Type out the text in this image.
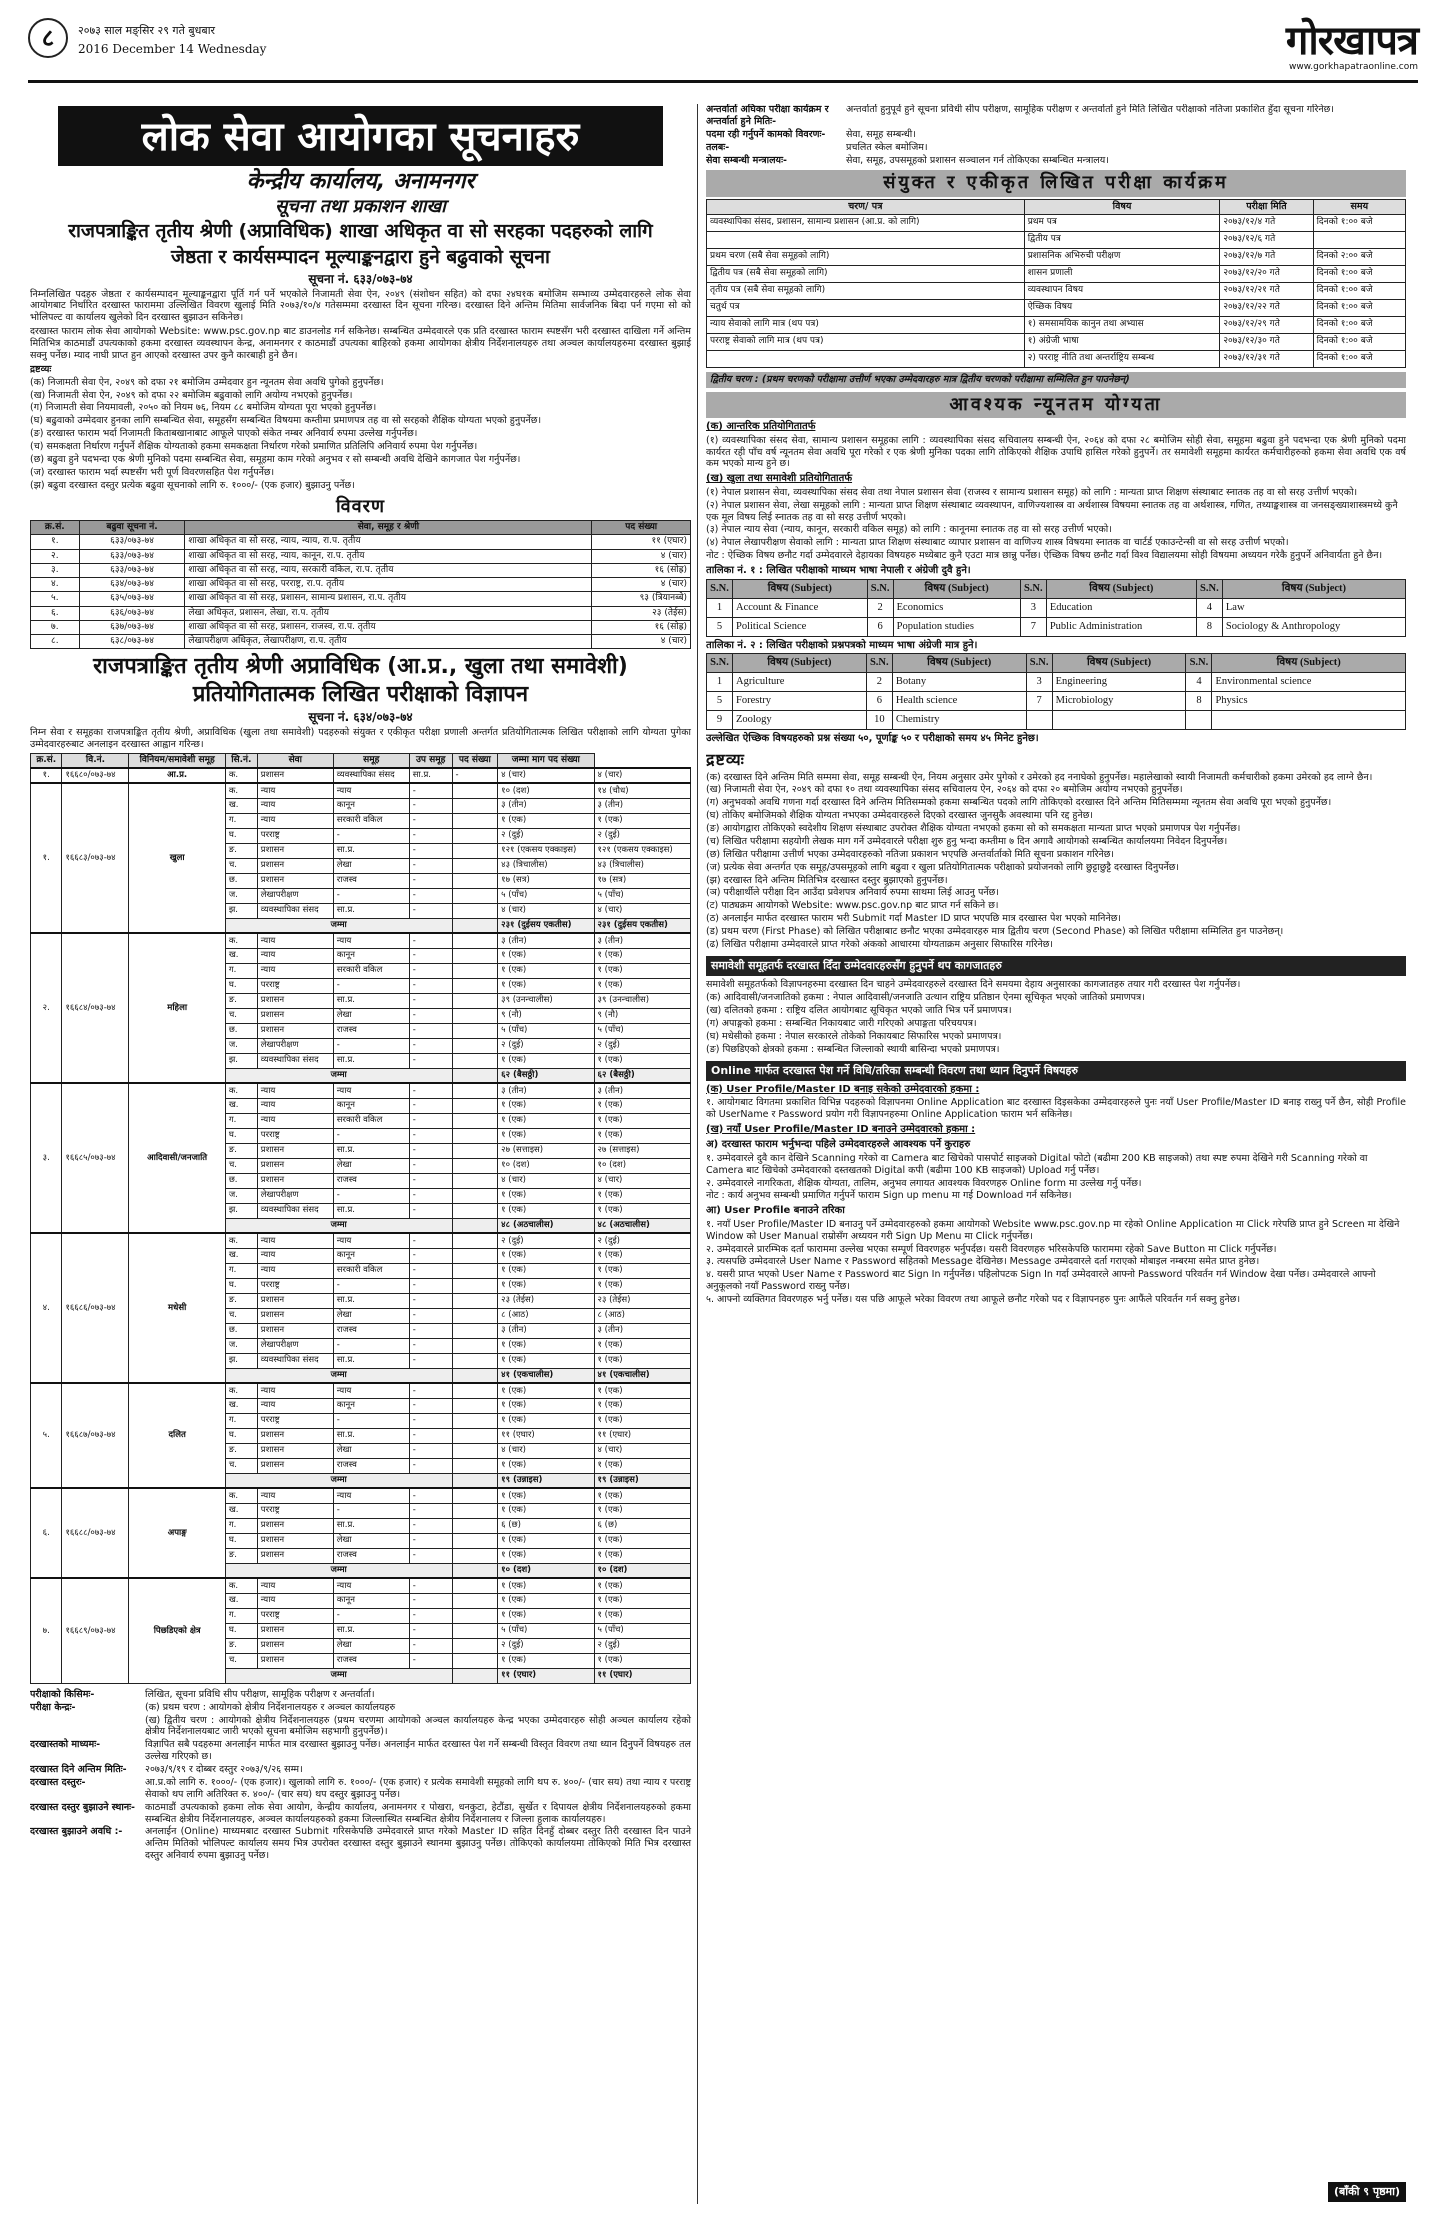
८	२०७३ साल मङ्सिर २९ गते बुधबार
2016 December 14 Wednesday	गोरखापत्र
www.gorkhapatraonline.com
लोक सेवा आयोगका सूचनाहरु
केन्द्रीय कार्यालय, अनामनगर
सूचना तथा प्रकाशन शाखा
राजपत्राङ्कित तृतीय श्रेणी (अप्राविधिक) शाखा अधिकृत वा सो सरहका पदहरुको लागि
जेष्ठता र कार्यसम्पादन मूल्याङ्कनद्वारा हुने बढुवाको सूचना
सूचना नं. ६३३/०७३-७४

निम्नलिखित पदहरु जेष्ठता र कार्यसम्पादन मूल्याङ्कनद्वारा पूर्ति गर्न पर्ने भएकोले निजामती सेवा ऐन, २०४९ (संशोधन सहित) को दफा २४घ१क बमोजिम सम्भाव्य उम्मेदवारहरुले लोक सेवा आयोगबाट निर्धारित दरखास्त फाराममा उल्लिखित विवरण खुलाई मिति २०७३/१०/४ गतेसम्ममा दरखास्त दिन सूचना गरिन्छ। दरखास्त दिने अन्तिम मितिमा सार्वजनिक बिदा पर्न गएमा सो को भोलिपल्ट वा कार्यालय खुलेको दिन दरखास्त बुझाउन सकिनेछ।

दरखास्त फाराम लोक सेवा आयोगको Website: www.psc.gov.np बाट डाउनलोड गर्न सकिनेछ। सम्बन्धित उम्मेदवारले एक प्रति दरखास्त फाराम स्पष्टसँग भरी दरखास्त दाखिला गर्ने अन्तिम मितिभित्र काठमाडौं उपत्यकाको हकमा दरखास्त व्यवस्थापन केन्द्र, अनामनगर र काठमाडौं उपत्यका बाहिरको हकमा आयोगका क्षेत्रीय निर्देशनालयहरु तथा अञ्चल कार्यालयहरुमा दरखास्त बुझाई सक्नु पर्नेछ। म्याद नाघी प्राप्त हुन आएको दरखास्त उपर कुनै कारबाही हुने छैन।

द्रष्टव्यः

(क) निजामती सेवा ऐन, २०४९ को दफा २१ बमोजिम उम्मेदवार हुन न्यूनतम सेवा अवधि पुगेको हुनुपर्नेछ।

(ख) निजामती सेवा ऐन, २०४९ को दफा २२ बमोजिम बढुवाको लागि अयोग्य नभएको हुनुपर्नेछ।

(ग) निजामती सेवा नियमावली, २०५० को नियम ७६, नियम ८८ बमोजिम योग्यता पूरा भएको हुनुपर्नेछ।

(घ) बढुवाको उम्मेदवार हुनका लागि सम्बन्धित सेवा, समूहसँग सम्बन्धित विषयमा कम्तीमा प्रमाणपत्र तह वा सो सरहको शैक्षिक योग्यता भएको हुनुपर्नेछ।

(ङ) दरखास्त फाराम भर्दा निजामती किताबखानाबाट आफूले पाएको संकेत नम्बर अनिवार्य रुपमा उल्लेख गर्नुपर्नेछ।

(च) समकक्षता निर्धारण गर्नुपर्ने शैक्षिक योग्यताको हकमा समकक्षता निर्धारण गरेको प्रमाणित प्रतिलिपि अनिवार्य रुपमा पेश गर्नुपर्नेछ।

(छ) बढुवा हुने पदभन्दा एक श्रेणी मुनिको पदमा सम्बन्धित सेवा, समूहमा काम गरेको अनुभव र सो सम्बन्धी अवधि देखिने कागजात पेश गर्नुपर्नेछ।

(ज) दरखास्त फाराम भर्दा स्पष्टसँग भरी पूर्ण विवरणसहित पेश गर्नुपर्नेछ।

(झ) बढुवा दरखास्त दस्तुर प्रत्येक बढुवा सूचनाको लागि रु. १०००/- (एक हजार) बुझाउनु पर्नेछ।

विवरण
क्र.सं.	बढुवा सूचना नं.	सेवा, समूह र श्रेणी	पद संख्या
१.	६३३/०७३-७४	शाखा अधिकृत वा सो सरह, न्याय, न्याय, रा.प. तृतीय	११ (एघार)
२.	६३३/०७३-७४	शाखा अधिकृत वा सो सरह, न्याय, कानून, रा.प. तृतीय	४ (चार)
३.	६३३/०७३-७४	शाखा अधिकृत वा सो सरह, न्याय, सरकारी वकिल, रा.प. तृतीय	१६ (सोह्र)
४.	६३४/०७३-७४	शाखा अधिकृत वा सो सरह, परराष्ट्र, रा.प. तृतीय	४ (चार)
५.	६३५/०७३-७४	शाखा अधिकृत वा सो सरह, प्रशासन, सामान्य प्रशासन, रा.प. तृतीय	९३ (त्रियानब्बे)
६.	६३६/०७३-७४	लेखा अधिकृत, प्रशासन, लेखा, रा.प. तृतीय	२३ (तेईस)
७.	६३७/०७३-७४	शाखा अधिकृत वा सो सरह, प्रशासन, राजस्व, रा.प. तृतीय	१६ (सोह्र)
८.	६३८/०७३-७४	लेखापरीक्षण अधिकृत, लेखापरीक्षण, रा.प. तृतीय	४ (चार)
राजपत्राङ्कित तृतीय श्रेणी अप्राविधिक (आ.प्र., खुला तथा समावेशी)
प्रतियोगितात्मक लिखित परीक्षाको विज्ञापन
सूचना नं. ६३४/०७३-७४

निम्न सेवा र समूहका राजपत्राङ्कित तृतीय श्रेणी, अप्राविधिक (खुला तथा समावेशी) पदहरुको संयुक्त र एकीकृत परीक्षा प्रणाली अन्तर्गत प्रतियोगितात्मक लिखित परीक्षाको लागि योग्यता पुगेका उम्मेदवारहरुबाट अनलाइन दरखास्त आह्वान गरिन्छ।

क्र.सं.	वि.नं.	विनियम/समावेशी समूह	सि.नं.	सेवा	समूह	उप समूह	पद संख्या	जम्मा माग पद संख्या	
१.	१६६८०/०७३-७४	आ.प्र.	क.	प्रशासन	व्यवस्थापिका संसद	सा.प्र.	-	४ (चार)	४ (चार)
१.	१६६८३/०७३-७४	खुला	क.	न्याय	न्याय	-		१० (दश)	१४ (चौध)
			ख.	न्याय	कानून	-		३ (तीन)	३ (तीन)
			ग.	न्याय	सरकारी वकिल	-		१ (एक)	१ (एक)
			घ.	परराष्ट्र	-	-		२ (दुई)	२ (दुई)
			ङ.	प्रशासन	सा.प्र.	-		१२१ (एकसय एक्काइस)	१२१ (एकसय एक्काइस)
			च.	प्रशासन	लेखा	-		४३ (त्रिचालीस)	४३ (त्रिचालीस)
			छ.	प्रशासन	राजस्व	-		१७ (सत्र)	१७ (सत्र)
			ज.	लेखापरीक्षण	-	-		५ (पाँच)	५ (पाँच)
			झ.	व्यवस्थापिका संसद	सा.प्र.	-		४ (चार)	४ (चार)
			जम्मा					२३१ (दुईसय एकतीस)	२३१ (दुईसय एकतीस)
२.	१६६८४/०७३-७४	महिला	क.	न्याय	न्याय	-		३ (तीन)	३ (तीन)
			ख.	न्याय	कानून	-		१ (एक)	१ (एक)
			ग.	न्याय	सरकारी वकिल	-		१ (एक)	१ (एक)
			घ.	परराष्ट्र	-	-		१ (एक)	१ (एक)
			ङ.	प्रशासन	सा.प्र.	-		३९ (उनन्चालीस)	३९ (उनन्चालीस)
			च.	प्रशासन	लेखा	-		९ (नौ)	९ (नौ)
			छ.	प्रशासन	राजस्व	-		५ (पाँच)	५ (पाँच)
			ज.	लेखापरीक्षण	-	-		२ (दुई)	२ (दुई)
			झ.	व्यवस्थापिका संसद	सा.प्र.	-		१ (एक)	१ (एक)
			जम्मा					६२ (बैसठ्ठी)	६२ (बैसठ्ठी)
३.	१६६८५/०७३-७४	आदिवासी/जनजाति	क.	न्याय	न्याय	-		३ (तीन)	३ (तीन)
			ख.	न्याय	कानून	-		१ (एक)	१ (एक)
			ग.	न्याय	सरकारी वकिल	-		१ (एक)	१ (एक)
			घ.	परराष्ट्र	-	-		१ (एक)	१ (एक)
			ङ.	प्रशासन	सा.प्र.	-		२७ (सत्ताइस)	२७ (सत्ताइस)
			च.	प्रशासन	लेखा	-		१० (दश)	१० (दश)
			छ.	प्रशासन	राजस्व	-		४ (चार)	४ (चार)
			ज.	लेखापरीक्षण	-	-		१ (एक)	१ (एक)
			झ.	व्यवस्थापिका संसद	सा.प्र.	-		१ (एक)	१ (एक)
			जम्मा					४८ (अठचालीस)	४८ (अठचालीस)
४.	१६६८६/०७३-७४	मधेसी	क.	न्याय	न्याय	-		२ (दुई)	२ (दुई)
			ख.	न्याय	कानून	-		१ (एक)	१ (एक)
			ग.	न्याय	सरकारी वकिल	-		१ (एक)	१ (एक)
			घ.	परराष्ट्र	-	-		१ (एक)	१ (एक)
			ङ.	प्रशासन	सा.प्र.	-		२३ (तेईस)	२३ (तेईस)
			च.	प्रशासन	लेखा	-		८ (आठ)	८ (आठ)
			छ.	प्रशासन	राजस्व	-		३ (तीन)	३ (तीन)
			ज.	लेखापरीक्षण	-	-		१ (एक)	१ (एक)
			झ.	व्यवस्थापिका संसद	सा.प्र.	-		१ (एक)	१ (एक)
			जम्मा					४१ (एकचालीस)	४१ (एकचालीस)
५.	१६६८७/०७३-७४	दलित	क.	न्याय	न्याय	-		१ (एक)	१ (एक)
			ख.	न्याय	कानून	-		१ (एक)	१ (एक)
			ग.	परराष्ट्र	-	-		१ (एक)	१ (एक)
			घ.	प्रशासन	सा.प्र.	-		११ (एघार)	११ (एघार)
			ङ.	प्रशासन	लेखा	-		४ (चार)	४ (चार)
			च.	प्रशासन	राजस्व	-		१ (एक)	१ (एक)
			जम्मा					१९ (उन्नाइस)	१९ (उन्नाइस)
६.	१६६८८/०७३-७४	अपाङ्ग	क.	न्याय	न्याय	-		१ (एक)	१ (एक)
			ख.	परराष्ट्र	-	-		१ (एक)	१ (एक)
			ग.	प्रशासन	सा.प्र.	-		६ (छ)	६ (छ)
			घ.	प्रशासन	लेखा	-		१ (एक)	१ (एक)
			ङ.	प्रशासन	राजस्व	-		१ (एक)	१ (एक)
			जम्मा					१० (दश)	१० (दश)
७.	१६६८९/०७३-७४	पिछडिएको क्षेत्र	क.	न्याय	न्याय	-		१ (एक)	१ (एक)
			ख.	न्याय	कानून	-		१ (एक)	१ (एक)
			ग.	परराष्ट्र	-	-		१ (एक)	१ (एक)
			घ.	प्रशासन	सा.प्र.	-		५ (पाँच)	५ (पाँच)
			ङ.	प्रशासन	लेखा	-		२ (दुई)	२ (दुई)
			च.	प्रशासन	राजस्व	-		१ (एक)	१ (एक)
			जम्मा					११ (एघार)	११ (एघार)
परीक्षाको किसिमः-	लिखित, सूचना प्रविधि सीप परीक्षण, सामूहिक परीक्षण र अन्तर्वार्ता।
परीक्षा केन्द्रः-	(क) प्रथम चरण : आयोगको क्षेत्रीय निर्देशनालयहरु र अञ्चल कार्यालयहरु
(ख) द्वितीय चरण : आयोगको क्षेत्रीय निर्देशनालयहरु (प्रथम चरणमा आयोगको अञ्चल कार्यालयहरु केन्द्र भएका उम्मेदवारहरु सोही अञ्चल कार्यालय रहेको क्षेत्रीय निर्देशनालयबाट जारी भएको सूचना बमोजिम सहभागी हुनुपर्नेछ)।
दरखास्तको माध्यमः-	विज्ञापित सबै पदहरुमा अनलाईन मार्फत मात्र दरखास्त बुझाउनु पर्नेछ। अनलाईन मार्फत दरखास्त पेश गर्ने सम्बन्धी विस्तृत विवरण तथा ध्यान दिनुपर्ने विषयहरु तल उल्लेख गरिएको छ।
दरखास्त दिने अन्तिम मितिः-	२०७३/९/१९ र दोब्बर दस्तुर २०७३/९/२६ सम्म।
दरखास्त दस्तुरः-	आ.प्र.को लागि रु. १०००/- (एक हजार)। खुलाको लागि रु. १०००/- (एक हजार) र प्रत्येक समावेशी समूहको लागि थप रु. ४००/- (चार सय) तथा न्याय र परराष्ट्र सेवाको थप लागि अतिरिक्त रु. ४००/- (चार सय) थप दस्तुर बुझाउनु पर्नेछ।
दरखास्त दस्तुर बुझाउने स्थानः-	काठमाडौं उपत्यकाको हकमा लोक सेवा आयोग, केन्द्रीय कार्यालय, अनामनगर र पोखरा, धनकुटा, हेटौंडा, सुर्खेत र दिपायल क्षेत्रीय निर्देशनालयहरुको हकमा सम्बन्धित क्षेत्रीय निर्देशनालयहरु, अञ्चल कार्यालयहरुको हकमा जिल्लास्थित सम्बन्धित क्षेत्रीय निर्देशनालय र जिल्ला हुलाक कार्यालयहरु।
दरखास्त बुझाउने अवधि :-	अनलाईन (Online) माध्यमबाट दरखास्त Submit गरिसकेपछि उम्मेदवारले प्राप्त गरेको Master ID सहित दिनहुँ दोब्बर दस्तुर तिरी दरखास्त दिन पाउने अन्तिम मितिको भोलिपल्ट कार्यालय समय भित्र उपरोक्त दरखास्त दस्तुर बुझाउने स्थानमा बुझाउनु पर्नेछ। तोकिएको कार्यालयमा तोकिएको मिति भित्र दरखास्त दस्तुर अनिवार्य रुपमा बुझाउनु पर्नेछ।
अन्तर्वार्ता अघिका परीक्षा कार्यक्रम र अन्तर्वार्ता हुने मितिः-
अन्तर्वार्ता हुनुपूर्व हुने सूचना प्रविधी सीप परीक्षण, सामूहिक परीक्षण र अन्तर्वार्ता हुने मिति लिखित परीक्षाको नतिजा प्रकाशित हुँदा सूचना गरिनेछ।
पदमा रही गर्नुपर्ने कामको विवरणः-	सेवा, समूह सम्बन्धी।
तलबः-	प्रचलित स्केल बमोजिम।
सेवा सम्बन्धी मन्त्रालयः-	सेवा, समूह, उपसमूहको प्रशासन सञ्चालन गर्न तोकिएका सम्बन्धित मन्त्रालय।
संयुक्त र एकीकृत लिखित परीक्षा कार्यक्रम
चरण/ पत्र	विषय	परीक्षा मिति	समय
व्यवस्थापिका संसद, प्रशासन, सामान्य प्रशासन (आ.प्र. को लागि)	प्रथम पत्र	२०७३/१२/४ गते	दिनको १:०० बजे
	द्वितीय पत्र	२०७३/१२/६ गते	
प्रथम चरण (सबै सेवा समूहको लागि)	प्रशासनिक अभिरुची परीक्षण	२०७३/१२/७ गते	दिनको २:०० बजे
द्वितीय पत्र (सबै सेवा समूहको लागि)	शासन प्रणाली	२०७३/१२/२० गते	दिनको १:०० बजे
तृतीय पत्र (सबै सेवा समूहको लागि)	व्यवस्थापन विषय	२०७३/१२/२१ गते	दिनको १:०० बजे
चतुर्थ पत्र	ऐच्छिक विषय	२०७३/१२/२२ गते	दिनको १:०० बजे
न्याय सेवाको लागि मात्र (थप पत्र)	१) समसामयिक कानुन तथा अभ्यास	२०७३/१२/२९ गते	दिनको १:०० बजे
परराष्ट्र सेवाको लागि मात्र (थप पत्र)	१) अंग्रेजी भाषा	२०७३/१२/३० गते	दिनको १:०० बजे
	२) परराष्ट्र नीति तथा अन्तर्राष्ट्रिय सम्बन्ध	२०७३/१२/३१ गते	दिनको १:०० बजे
द्वितीय चरण : (प्रथम चरणको परीक्षामा उत्तीर्ण भएका उम्मेदवारहरु मात्र द्वितीय चरणको परीक्षामा सम्मिलित हुन पाउनेछन्)
आवश्यक न्यूनतम योग्यता
(क) आन्तरिक प्रतियोगितातर्फ

(१) व्यवस्थापिका संसद सेवा, सामान्य प्रशासन समूहका लागि : व्यवस्थापिका संसद सचिवालय सम्बन्धी ऐन, २०६४ को दफा २८ बमोजिम सोही सेवा, समूहमा बढुवा हुने पदभन्दा एक श्रेणी मुनिको पदमा कार्यरत रही पाँच वर्ष न्यूनतम सेवा अवधि पूरा गरेको र एक श्रेणी मुनिका पदका लागि तोकिएको शैक्षिक उपाधि हासिल गरेको हुनुपर्ने। तर समावेशी समूहमा कार्यरत कर्मचारीहरुको हकमा सेवा अवधि एक वर्ष कम भएको मान्य हुने छ।

(ख) खुला तथा समावेशी प्रतियोगितातर्फ

(१) नेपाल प्रशासन सेवा, व्यवस्थापिका संसद सेवा तथा नेपाल प्रशासन सेवा (राजस्व र सामान्य प्रशासन समूह) को लागि : मान्यता प्राप्त शिक्षण संस्थाबाट स्नातक तह वा सो सरह उत्तीर्ण भएको।

(२) नेपाल प्रशासन सेवा, लेखा समूहको लागि : मान्यता प्राप्त शिक्षण संस्थाबाट व्यवस्थापन, वाणिज्यशास्त्र वा अर्थशास्त्र विषयमा स्नातक तह वा अर्थशास्त्र, गणित, तथ्याङ्कशास्त्र वा जनसङ्ख्याशास्त्रमध्ये कुनै एक मूल विषय लिई स्नातक तह वा सो सरह उत्तीर्ण भएको।

(३) नेपाल न्याय सेवा (न्याय, कानून, सरकारी वकिल समूह) को लागि : कानूनमा स्नातक तह वा सो सरह उत्तीर्ण भएको।

(४) नेपाल लेखापरीक्षण सेवाको लागि : मान्यता प्राप्त शिक्षण संस्थाबाट व्यापार प्रशासन वा वाणिज्य शास्त्र विषयमा स्नातक वा चार्टर्ड एकाउन्टेन्सी वा सो सरह उत्तीर्ण भएको।

नोट : ऐच्छिक विषय छनौट गर्दा उम्मेदवारले देहायका विषयहरु मध्येबाट कुनै एउटा मात्र छान्नु पर्नेछ। ऐच्छिक विषय छनौट गर्दा विश्व विद्यालयमा सोही विषयमा अध्ययन गरेकै हुनुपर्ने अनिवार्यता हुने छैन।

तालिका नं. १ : लिखित परीक्षाको माध्यम भाषा नेपाली र अंग्रेजी दुवै हुने।
S.N.	विषय (Subject)	S.N.	विषय (Subject)	S.N.	विषय (Subject)	S.N.	विषय (Subject)
1	Account & Finance	2	Economics	3	Education	4	Law
5	Political Science	6	Population studies	7	Public Administration	8	Sociology & Anthropology
तालिका नं. २ : लिखित परीक्षाको प्रश्नपत्रको माध्यम भाषा अंग्रेजी मात्र हुने।
S.N.	विषय (Subject)	S.N.	विषय (Subject)	S.N.	विषय (Subject)	S.N.	विषय (Subject)
1	Agriculture	2	Botany	3	Engineering	4	Environmental science
5	Forestry	6	Health science	7	Microbiology	8	Physics
9	Zoology	10	Chemistry				
उल्लेखित ऐच्छिक विषयहरुको प्रश्न संख्या ५०, पूर्णाङ्क ५० र परीक्षाको समय ४५ मिनेट हुनेछ।
द्रष्टव्यः

(क) दरखास्त दिने अन्तिम मिति सम्ममा सेवा, समूह सम्बन्धी ऐन, नियम अनुसार उमेर पुगेको र उमेरको हद ननाघेको हुनुपर्नेछ। महालेखाको स्वायी निजामती कर्मचारीको हकमा उमेरको हद लाग्ने छैन।

(ख) निजामती सेवा ऐन, २०४९ को दफा १० तथा व्यवस्थापिका संसद सचिवालय ऐन, २०६४ को दफा २० बमोजिम अयोग्य नभएको हुनुपर्नेछ।

(ग) अनुभवको अवधि गणना गर्दा दरखास्त दिने अन्तिम मितिसम्मको हकमा सम्बन्धित पदको लागि तोकिएको दरखास्त दिने अन्तिम मितिसम्ममा न्यूनतम सेवा अवधि पूरा भएको हुनुपर्नेछ।

(घ) तोकिए बमोजिमको शैक्षिक योग्यता नभएका उम्मेदवारहरुले दिएको दरखास्त जुनसुकै अवस्थामा पनि रद्द हुनेछ।

(ङ) आयोगद्वारा तोकिएको स्वदेशीय शिक्षण संस्थाबाट उपरोक्त शैक्षिक योग्यता नभएको हकमा सो को समकक्षता मान्यता प्राप्त भएको प्रमाणपत्र पेश गर्नुपर्नेछ।

(च) लिखित परीक्षामा सहयोगी लेखक माग गर्ने उम्मेदवारले परीक्षा शुरु हुनु भन्दा कम्तीमा ७ दिन अगावै आयोगको सम्बन्धित कार्यालयमा निवेदन दिनुपर्नेछ।

(छ) लिखित परीक्षामा उत्तीर्ण भएका उम्मेदवारहरुको नतिजा प्रकाशन भएपछि अन्तर्वार्ताको मिति सूचना प्रकाशन गरिनेछ।

(ज) प्रत्येक सेवा अन्तर्गत एक समूह/उपसमूहको लागि बढुवा र खुला प्रतियोगितात्मक परीक्षाको प्रयोजनको लागि छुट्टाछुट्टै दरखास्त दिनुपर्नेछ।

(झ) दरखास्त दिने अन्तिम मितिभित्र दरखास्त दस्तुर बुझाएको हुनुपर्नेछ।

(ञ) परीक्षार्थीले परीक्षा दिन आउँदा प्रवेशपत्र अनिवार्य रुपमा साथमा लिई आउनु पर्नेछ।

(ट) पाठ्यक्रम आयोगको Website: www.psc.gov.np बाट प्राप्त गर्न सकिने छ।

(ठ) अनलाईन मार्फत दरखास्त फाराम भरी Submit गर्दा Master ID प्राप्त भएपछि मात्र दरखास्त पेश भएको मानिनेछ।

(ड) प्रथम चरण (First Phase) को लिखित परीक्षाबाट छनौट भएका उम्मेदवारहरु मात्र द्वितीय चरण (Second Phase) को लिखित परीक्षामा सम्मिलित हुन पाउनेछन्।

(ढ) लिखित परीक्षामा उम्मेदवारले प्राप्त गरेको अंकको आधारमा योग्यताक्रम अनुसार सिफारिस गरिनेछ।

समावेशी समूहतर्फ दरखास्त दिँदा उम्मेदवारहरुसँग हुनुपर्ने थप कागजातहरु

समावेशी समूहतर्फको विज्ञापनहरुमा दरखास्त दिन चाहने उम्मेदवारहरुले दरखास्त दिने समयमा देहाय अनुसारका कागजातहरु तयार गरी दरखास्त पेश गर्नुपर्नेछ।

(क) आदिवासी/जनजातिको हकमा : नेपाल आदिवासी/जनजाति उत्थान राष्ट्रिय प्रतिष्ठान ऐनमा सूचिकृत भएको जातिको प्रमाणपत्र।

(ख) दलितको हकमा : राष्ट्रिय दलित आयोगबाट सूचिकृत भएको जाति भित्र पर्ने प्रमाणपत्र।

(ग) अपाङ्गको हकमा : सम्बन्धित निकायबाट जारी गरिएको अपाङ्गता परिचयपत्र।

(घ) मधेसीको हकमा : नेपाल सरकारले तोकेको निकायबाट सिफारिस भएको प्रमाणपत्र।

(ङ) पिछडिएको क्षेत्रको हकमा : सम्बन्धित जिल्लाको स्थायी बासिन्दा भएको प्रमाणपत्र।

Online मार्फत दरखास्त पेश गर्ने विधि/तरिका सम्बन्धी विवरण तथा ध्यान दिनुपर्ने विषयहरु
(क) User Profile/Master ID बनाइ सकेको उम्मेदवारको हकमा :

१. आयोगबाट विगतमा प्रकाशित विभिन्न पदहरुको विज्ञापनमा Online Application बाट दरखास्त दिइसकेका उम्मेदवारहरुले पुनः नयाँ User Profile/Master ID बनाइ राख्नु पर्ने छैन, सोही Profile को UserName र Password प्रयोग गरी विज्ञापनहरुमा Online Application फाराम भर्न सकिनेछ।

(ख) नयाँ User Profile/Master ID बनाउने उम्मेदवारको हकमा :
अ) दरखास्त फाराम भर्नुभन्दा पहिले उम्मेदवारहरुले आवश्यक पर्ने कुराहरु

१. उम्मेदवारले दुवै कान देखिने Scanning गरेको वा Camera बाट खिचेको पासपोर्ट साइजको Digital फोटो (बढीमा 200 KB साइजको) तथा स्पष्ट रुपमा देखिने गरी Scanning गरेको वा Camera बाट खिचेको उम्मेदवारको दस्तखतको Digital कपी (बढीमा 100 KB साइजको) Upload गर्नु पर्नेछ।

२. उम्मेदवारले नागरिकता, शैक्षिक योग्यता, तालिम, अनुभव लगायत आवश्यक विवरणहरु Online form मा उल्लेख गर्नु पर्नेछ।

नोट : कार्य अनुभव सम्बन्धी प्रमाणित गर्नुपर्ने फाराम Sign up menu मा गई Download गर्न सकिनेछ।

आ) User Profile बनाउने तरिका

१. नयाँ User Profile/Master ID बनाउनु पर्ने उम्मेदवारहरुको हकमा आयोगको Website www.psc.gov.np मा रहेको Online Application मा Click गरेपछि प्राप्त हुने Screen मा देखिने Window को User Manual राम्रोसँग अध्ययन गरी Sign Up Menu मा Click गर्नुपर्नेछ।

२. उम्मेदवारले प्रारम्भिक दर्ता फाराममा उल्लेख भएका सम्पूर्ण विवरणहरु भर्नुपर्दछ। यसरी विवरणहरु भरिसकेपछि फाराममा रहेको Save Button मा Click गर्नुपर्नेछ।

३. त्यसपछि उम्मेदवारले User Name र Password सहितको Message देखिनेछ। Message उम्मेदवारले दर्ता गराएको मोबाइल नम्बरमा समेत प्राप्त हुनेछ।

४. यसरी प्राप्त भएको User Name र Password बाट Sign In गर्नुपर्नेछ। पहिलोपटक Sign In गर्दा उम्मेदवारले आफ्नो Password परिवर्तन गर्न Window देखा पर्नेछ। उम्मेदवारले आफ्नो अनुकूलको नयाँ Password राख्नु पर्नेछ।

५. आफ्नो व्यक्तिगत विवरणहरु भर्नु पर्नेछ। यस पछि आफूले भरेका विवरण तथा आफूले छनौट गरेको पद र विज्ञापनहरु पुनः आफैंले परिवर्तन गर्न सक्नु हुनेछ।

(बाँकी ९ पृष्ठमा)
